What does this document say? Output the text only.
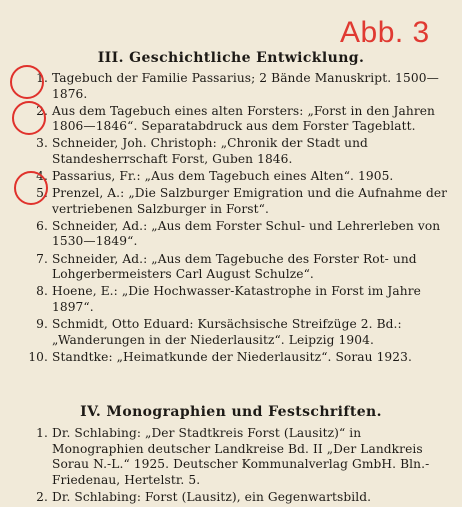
Abb. 3
III. Geschichtliche Entwicklung.
1. Tagebuch der Familie Passarius; 2 Bände Manuskript. 1500—1876.
2. Aus dem Tagebuch eines alten Forsters: „Forst in den Jahren 1806—1846“. Separatabdruck aus dem Forster Tageblatt.
3. Schneider, Joh. Christoph: „Chronik der Stadt und Standesherrschaft Forst, Guben 1846.
4. Passarius, Fr.: „Aus dem Tagebuch eines Alten“. 1905.
5. Prenzel, A.: „Die Salzburger Emigration und die Aufnahme der vertriebenen Salzburger in Forst“.
6. Schneider, Ad.: „Aus dem Forster Schul- und Lehrerleben von 1530—1849“.
7. Schneider, Ad.: „Aus dem Tagebuche des Forster Rot- und Lohgerbermeisters Carl August Schulze“.
8. Hoene, E.: „Die Hochwasser-Katastrophe in Forst im Jahre 1897“.
9. Schmidt, Otto Eduard: Kursächsische Streifzüge 2. Bd.: „Wanderungen in der Niederlausitz“. Leipzig 1904.
10. Standtke: „Heimatkunde der Niederlausitz“. Sorau 1923.
IV. Monographien und Festschriften.
1. Dr. Schlabing: „Der Stadtkreis Forst (Lausitz)“ in Monographien deutscher Landkreise Bd. II „Der Landkreis Sorau N.-L.“ 1925. Deutscher Kommunalverlag GmbH. Bln.-Friedenau, Hertelstr. 5.
2. Dr. Schlabing: Forst (Lausitz), ein Gegenwartsbild.
